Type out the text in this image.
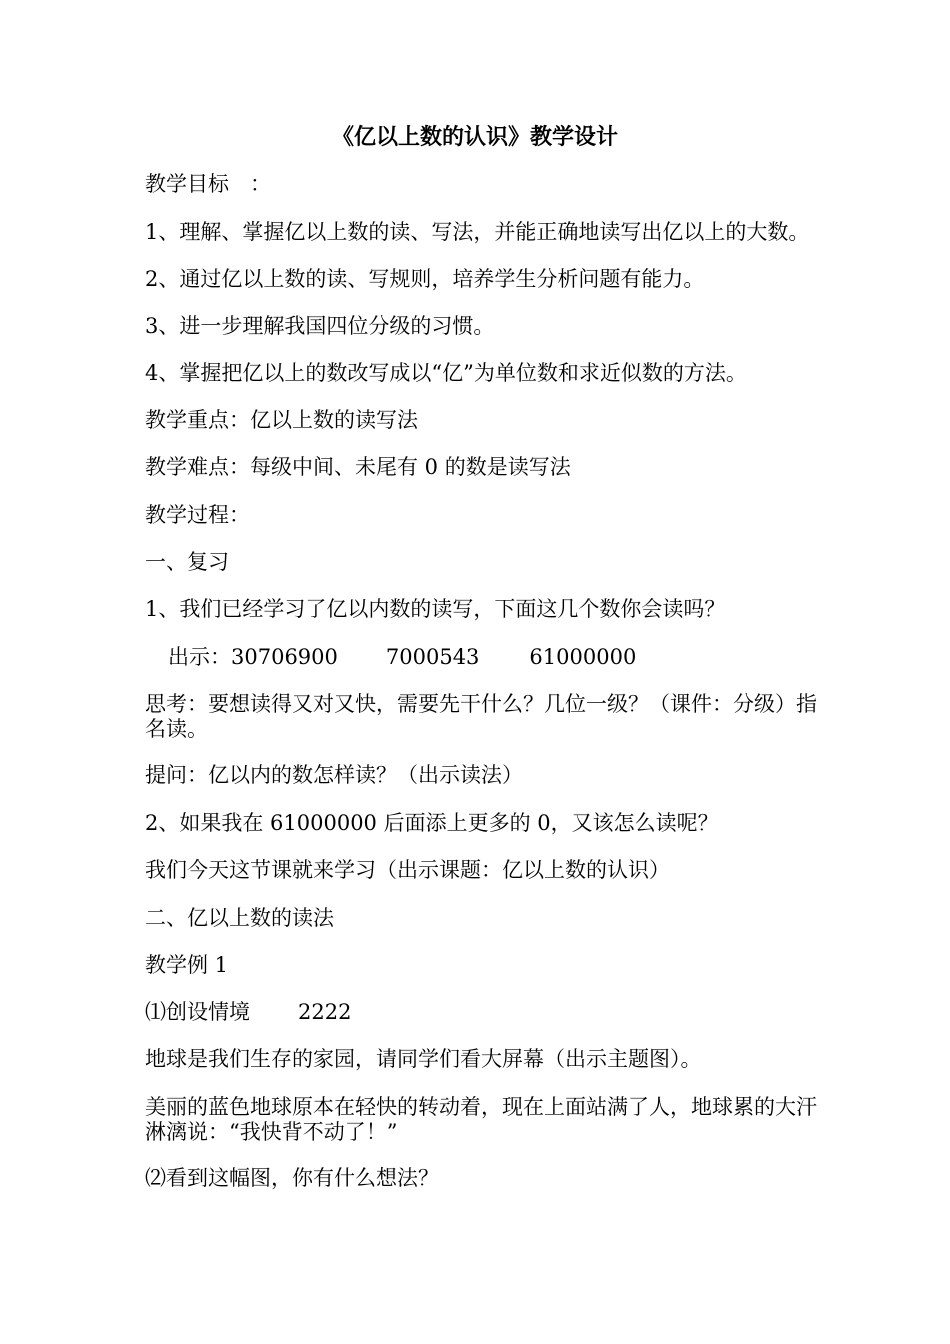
《亿以上数的认识》教学设计
教学目标　：
1、理解、掌握亿以上数的读、写法，并能正确地读写出亿以上的大数。
2、通过亿以上数的读、写规则，培养学生分析问题有能力。
3、进一步理解我国四位分级的习惯。
4、掌握把亿以上的数改写成以“亿”为单位数和求近似数的方法。
教学重点：亿以上数的读写法
教学难点：每级中间、未尾有 0 的数是读写法
教学过程：
一、复习
1、我们已经学习了亿以内数的读写，下面这几个数你会读吗？
出示：30706900 7000543 61000000
思考：要想读得又对又快，需要先干什么？几位一级？（课件：分级）指名读。
提问：亿以内的数怎样读？（出示读法）
2、如果我在 61000000 后面添上更多的 0，又该怎么读呢？
我们今天这节课就来学习（出示课题：亿以上数的认识）
二、亿以上数的读法
教学例 1
⑴创设情境 2222
地球是我们生存的家园，请同学们看大屏幕（出示主题图）。
美丽的蓝色地球原本在轻快的转动着，现在上面站满了人，地球累的大汗淋漓说：“我快背不动了！”
⑵看到这幅图，你有什么想法？
